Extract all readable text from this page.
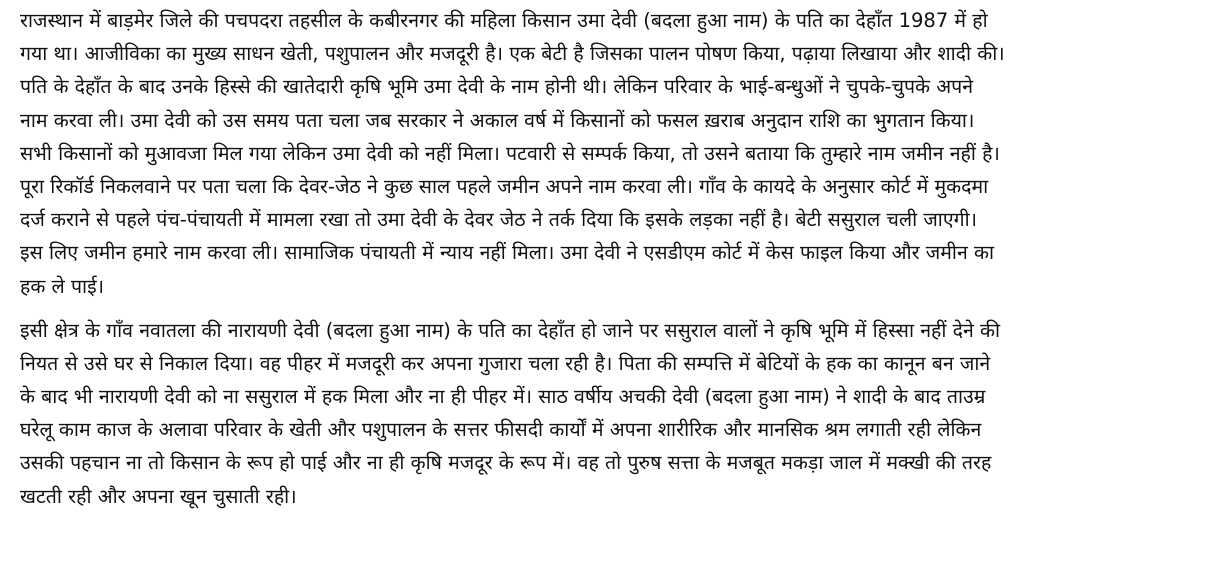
राजस्थान में बाड़मेर जिले की पचपदरा तहसील के कबीरनगर की महिला किसान उमा देवी (बदला हुआ नाम) के पति का देहाँत 1987 में हो
गया था। आजीविका का मुख्य साधन खेती, पशुपालन और मजदूरी है। एक बेटी है जिसका पालन पोषण किया, पढ़ाया लिखाया और शादी की।
पति के देहाँत के बाद उनके हिस्से की खातेदारी कृषि भूमि उमा देवी के नाम होनी थी। लेकिन परिवार के भाई-बन्धुओं ने चुपके-चुपके अपने
नाम करवा ली। उमा देवी को उस समय पता चला जब सरकार ने अकाल वर्ष में किसानों को फसल ख़राब अनुदान राशि का भुगतान किया।
सभी किसानों को मुआवजा मिल गया लेकिन उमा देवी को नहीं मिला। पटवारी से सम्पर्क किया, तो उसने बताया कि तुम्हारे नाम जमीन नहीं है।
पूरा रिकॉर्ड निकलवाने पर पता चला कि देवर-जेठ ने कुछ साल पहले जमीन अपने नाम करवा ली। गाँव के कायदे के अनुसार कोर्ट में मुकदमा
दर्ज कराने से पहले पंच-पंचायती में मामला रखा तो उमा देवी के देवर जेठ ने तर्क दिया कि इसके लड़का नहीं है। बेटी ससुराल चली जाएगी।
इस लिए जमीन हमारे नाम करवा ली। सामाजिक पंचायती में न्याय नहीं मिला। उमा देवी ने एसडीएम कोर्ट में केस फाइल किया और जमीन का
हक ले पाई।
इसी क्षेत्र के गाँव नवातला की नारायणी देवी (बदला हुआ नाम) के पति का देहाँत हो जाने पर ससुराल वालों ने कृषि भूमि में हिस्सा नहीं देने की
नियत से उसे घर से निकाल दिया। वह पीहर में मजदूरी कर अपना गुजारा चला रही है। पिता की सम्पत्ति में बेटियों के हक का कानून बन जाने
के बाद भी नारायणी देवी को ना ससुराल में हक मिला और ना ही पीहर में। साठ वर्षीय अचकी देवी (बदला हुआ नाम) ने शादी के बाद ताउम्र
घरेलू काम काज के अलावा परिवार के खेती और पशुपालन के सत्तर फीसदी कार्यों में अपना शारीरिक और मानसिक श्रम लगाती रही लेकिन
उसकी पहचान ना तो किसान के रूप हो पाई और ना ही कृषि मजदूर के रूप में। वह तो पुरुष सत्ता के मजबूत मकड़ा जाल में मक्खी की तरह
खटती रही और अपना खून चुसाती रही।
